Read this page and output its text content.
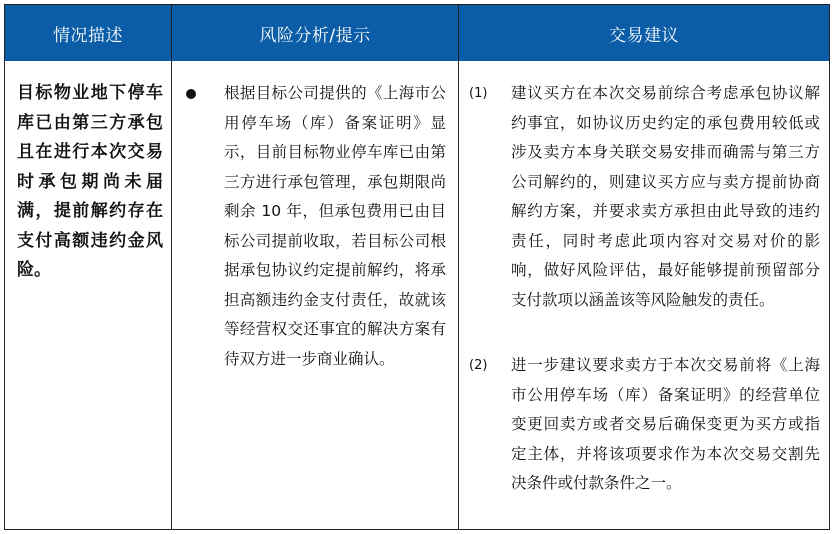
情况描述	风险分析/提示	交易建议
目标物业地下停车库已由第三方承包且在进行本次交易时承包期尚未届满，提前解约存在支付高额违约金风险。
根据目标公司提供的《上海市公用停车场（库）备案证明》显示，目前目标物业停车库已由第三方进行承包管理，承包期限尚剩余 10 年，但承包费用已由目标公司提前收取，若目标公司根据承包协议约定提前解约，将承担高额违约金支付责任，故就该等经营权交还事宜的解决方案有待双方进一步商业确认。
(1) 建议买方在本次交易前综合考虑承包协议解约事宜，如协议历史约定的承包费用较低或涉及卖方本身关联交易安排而确需与第三方公司解约的，则建议买方应与卖方提前协商解约方案，并要求卖方承担由此导致的违约责任，同时考虑此项内容对交易对价的影响，做好风险评估，最好能够提前预留部分支付款项以涵盖该等风险触发的责任。
(2) 进一步建议要求卖方于本次交易前将《上海市公用停车场（库）备案证明》的经营单位变更回卖方或者交易后确保变更为买方或指定主体，并将该项要求作为本次交易交割先决条件或付款条件之一。
